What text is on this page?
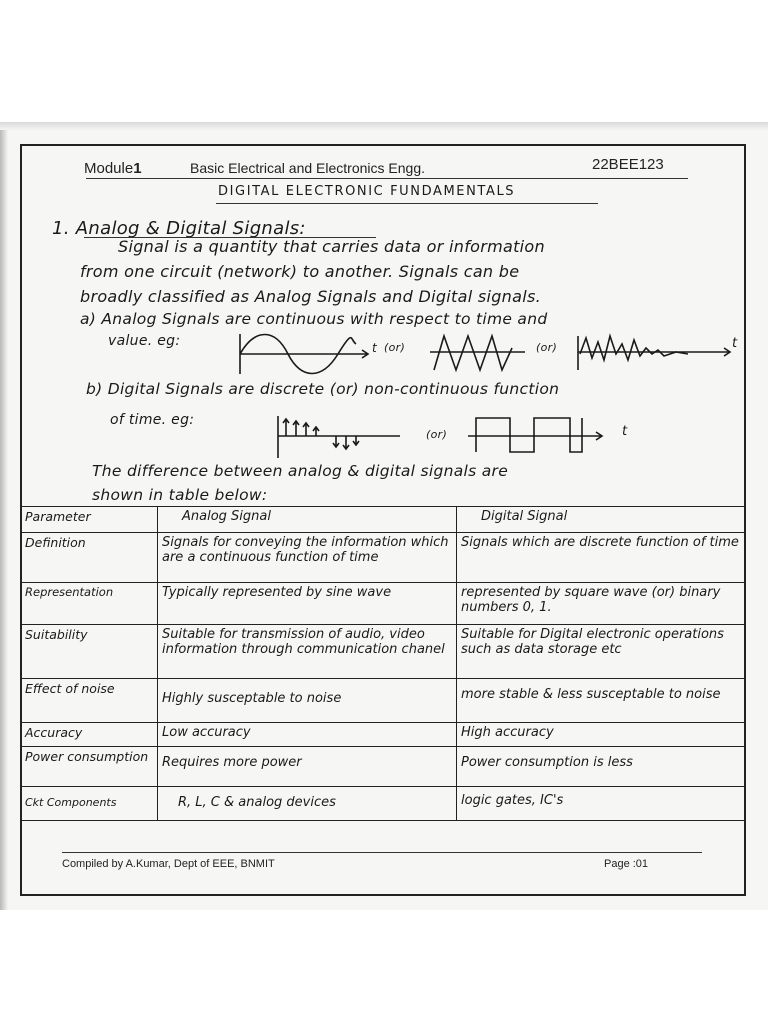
Module1	Basic Electrical and Electronics Engg.	22BEE123
DIGITAL ELECTRONIC FUNDAMENTALS
1. Analog & Digital Signals:
Signal is a quantity that carries data or information
from one circuit (network) to another. Signals can be
broadly classified as Analog Signals and Digital signals.
a) Analog Signals are continuous with respect to time and
value. eg:	t (or)	(or)	t
b) Digital Signals are discrete (or) non-continuous function
of time. eg:
(or)	t
The difference between analog & digital signals are
shown in table below:
Parameter	Analog Signal	Digital Signal
Definition	Signals for conveying the information which are a continuous function of time	Signals which are discrete function of time
Representation	Typically represented by sine wave	represented by square wave (or) binary numbers 0, 1.
Suitability	Suitable for transmission of audio, video information through communication chanel	Suitable for Digital electronic operations such as data storage etc
Effect of noise	Highly susceptable to noise	more stable & less susceptable to noise
Accuracy	Low accuracy	High accuracy
Power consumption	Requires more power	Power consumption is less
Ckt Components	R, L, C & analog devices	logic gates, IC's
Compiled by A.Kumar, Dept of EEE, BNMIT	Page :01
